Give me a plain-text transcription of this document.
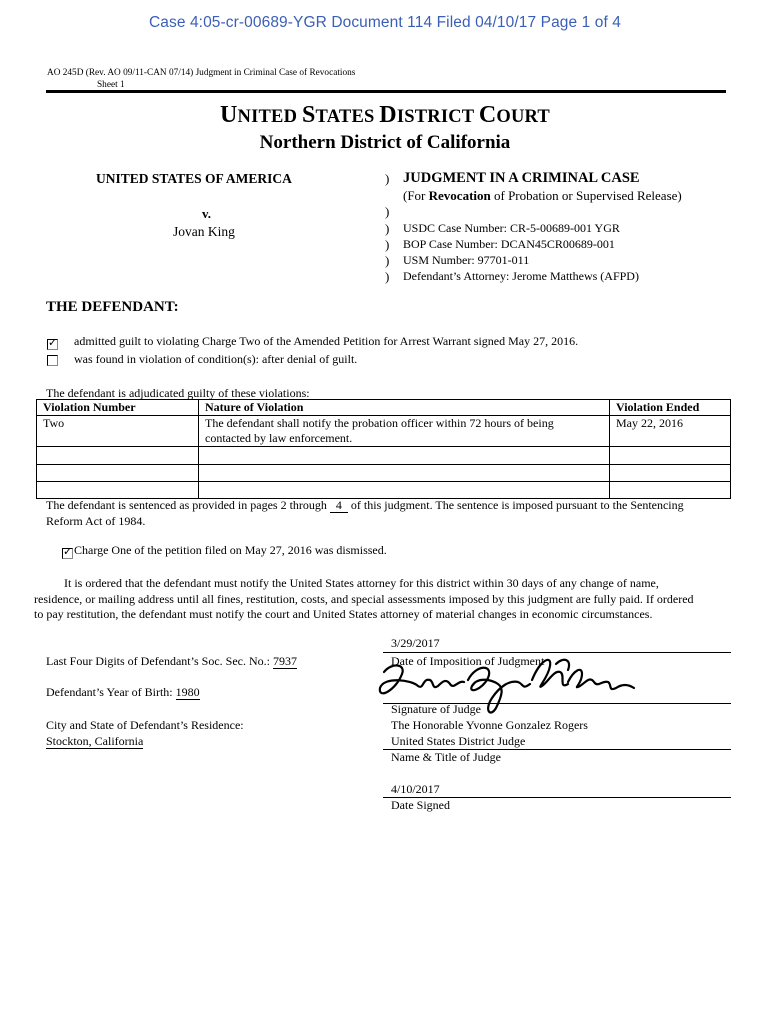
Case 4:05-cr-00689-YGR Document 114 Filed 04/10/17 Page 1 of 4
AO 245D (Rev. AO 09/11-CAN 07/14) Judgment in Criminal Case of Revocations
Sheet 1
UNITED STATES DISTRICT COURT
Northern District of California
UNITED STATES OF AMERICA
v.
Jovan King
)
)
)
)
)
)
JUDGMENT IN A CRIMINAL CASE
(For Revocation of Probation or Supervised Release)
USDC Case Number: CR-5-00689-001 YGR
BOP Case Number: DCAN45CR00689-001
USM Number: 97701-011
Defendant’s Attorney: Jerome Matthews (AFPD)
THE DEFENDANT:
✓
admitted guilt to violating Charge Two of the Amended Petition for Arrest Warrant signed May 27, 2016.
was found in violation of condition(s): after denial of guilt.
The defendant is adjudicated guilty of these violations:
Violation Number	Nature of Violation	Violation Ended
Two	The defendant shall notify the probation officer within 72 hours of being
contacted by law enforcement.	May 22, 2016

The defendant is sentenced as provided in pages 2 through   4   of this judgment. The sentence is imposed pursuant to the Sentencing
Reform Act of 1984.
✓
Charge One of the petition filed on May 27, 2016 was dismissed.
It is ordered that the defendant must notify the United States attorney for this district within 30 days of any change of name,
residence, or mailing address until all fines, restitution, costs, and special assessments imposed by this judgment are fully paid. If ordered
to pay restitution, the defendant must notify the court and United States attorney of material changes in economic circumstances.
Last Four Digits of Defendant’s Soc. Sec. No.: 7937
Defendant’s Year of Birth: 1980
City and State of Defendant’s Residence:
Stockton, California
3/29/2017
Date of Imposition of Judgment
Signature of Judge
The Honorable Yvonne Gonzalez Rogers
United States District Judge
Name & Title of Judge
4/10/2017
Date Signed
